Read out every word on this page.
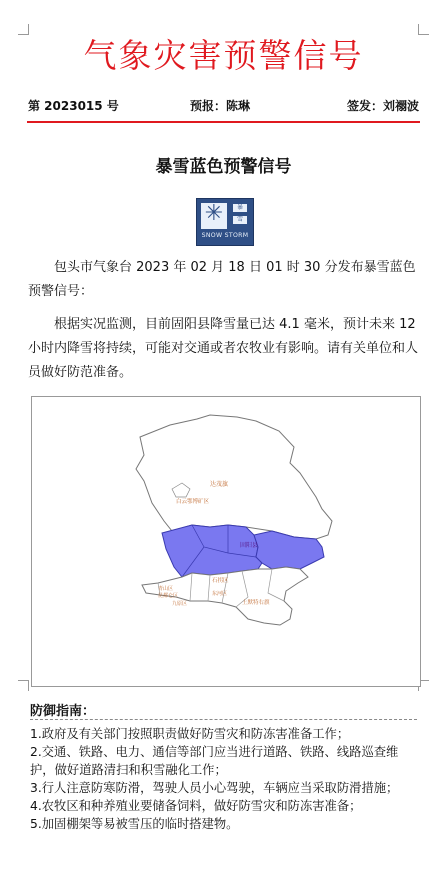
气象灾害预警信号
第 2023015 号	预报：陈琳	签发：刘禤波
暴雪蓝色预警信号
✳	暴
雪
SNOW STORM
包头市气象台 2023 年 02 月 18 日 01 时 30 分发布暴雪蓝色预警信号：
根据实况监测，目前固阳县降雪量已达 4.1 毫米，预计未来 12 小时内降雪将持续，可能对交通或者农牧业有影响。请有关单位和人员做好防范准备。
达茂旗
白云鄂博矿区
固阳县
石拐区
青山区
昆都仑区
九原区
东河区
土默特右旗
防御指南：
1.政府及有关部门按照职责做好防雪灾和防冻害准备工作；
2.交通、铁路、电力、通信等部门应当进行道路、铁路、线路巡查维护，做好道路清扫和积雪融化工作；
3.行人注意防寒防滑，驾驶人员小心驾驶，车辆应当采取防滑措施；
4.农牧区和种养殖业要储备饲料，做好防雪灾和防冻害准备；
5.加固棚架等易被雪压的临时搭建物。
